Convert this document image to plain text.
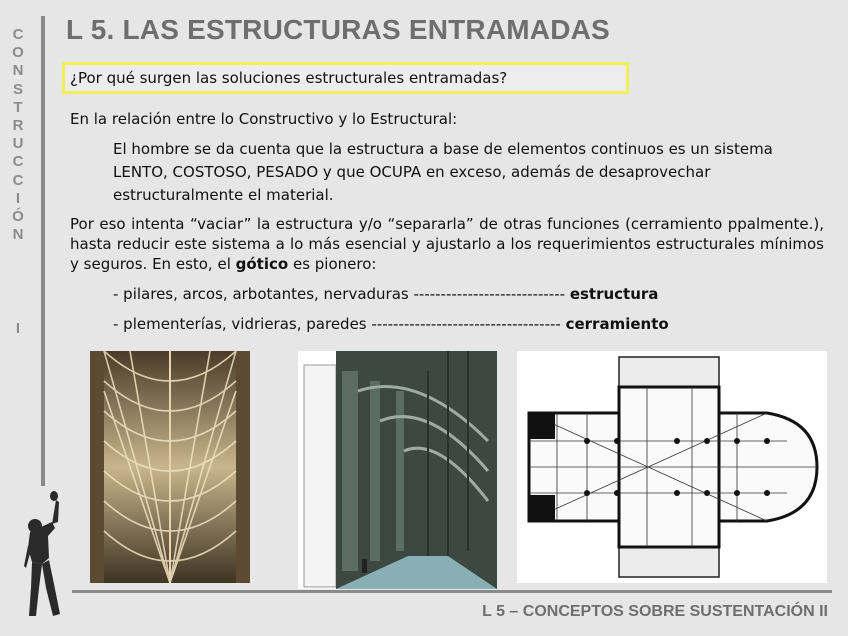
C
O
N
S
T
R
U
C
C
I
Ó
N
I
L 5. LAS ESTRUCTURAS ENTRAMADAS
¿Por qué surgen las soluciones estructurales entramadas?
En la relación entre lo Constructivo y lo Estructural:
El hombre se da cuenta que la estructura a base de elementos continuos es un sistema LENTO, COSTOSO, PESADO y que OCUPA en exceso, además de desaprovechar estructuralmente el material.
Por eso intenta “vaciar” la estructura y/o “separarla” de otras funciones (cerramiento ppalmente.), hasta reducir este sistema a lo más esencial y ajustarlo a los requerimientos estructurales mínimos y seguros. En esto, el gótico es pionero:
- pilares, arcos, arbotantes, nervaduras ---------------------------- estructura
- plementerías, vidrieras, paredes ----------------------------------- cerramiento
L 5 – CONCEPTOS SOBRE SUSTENTACIÓN II
